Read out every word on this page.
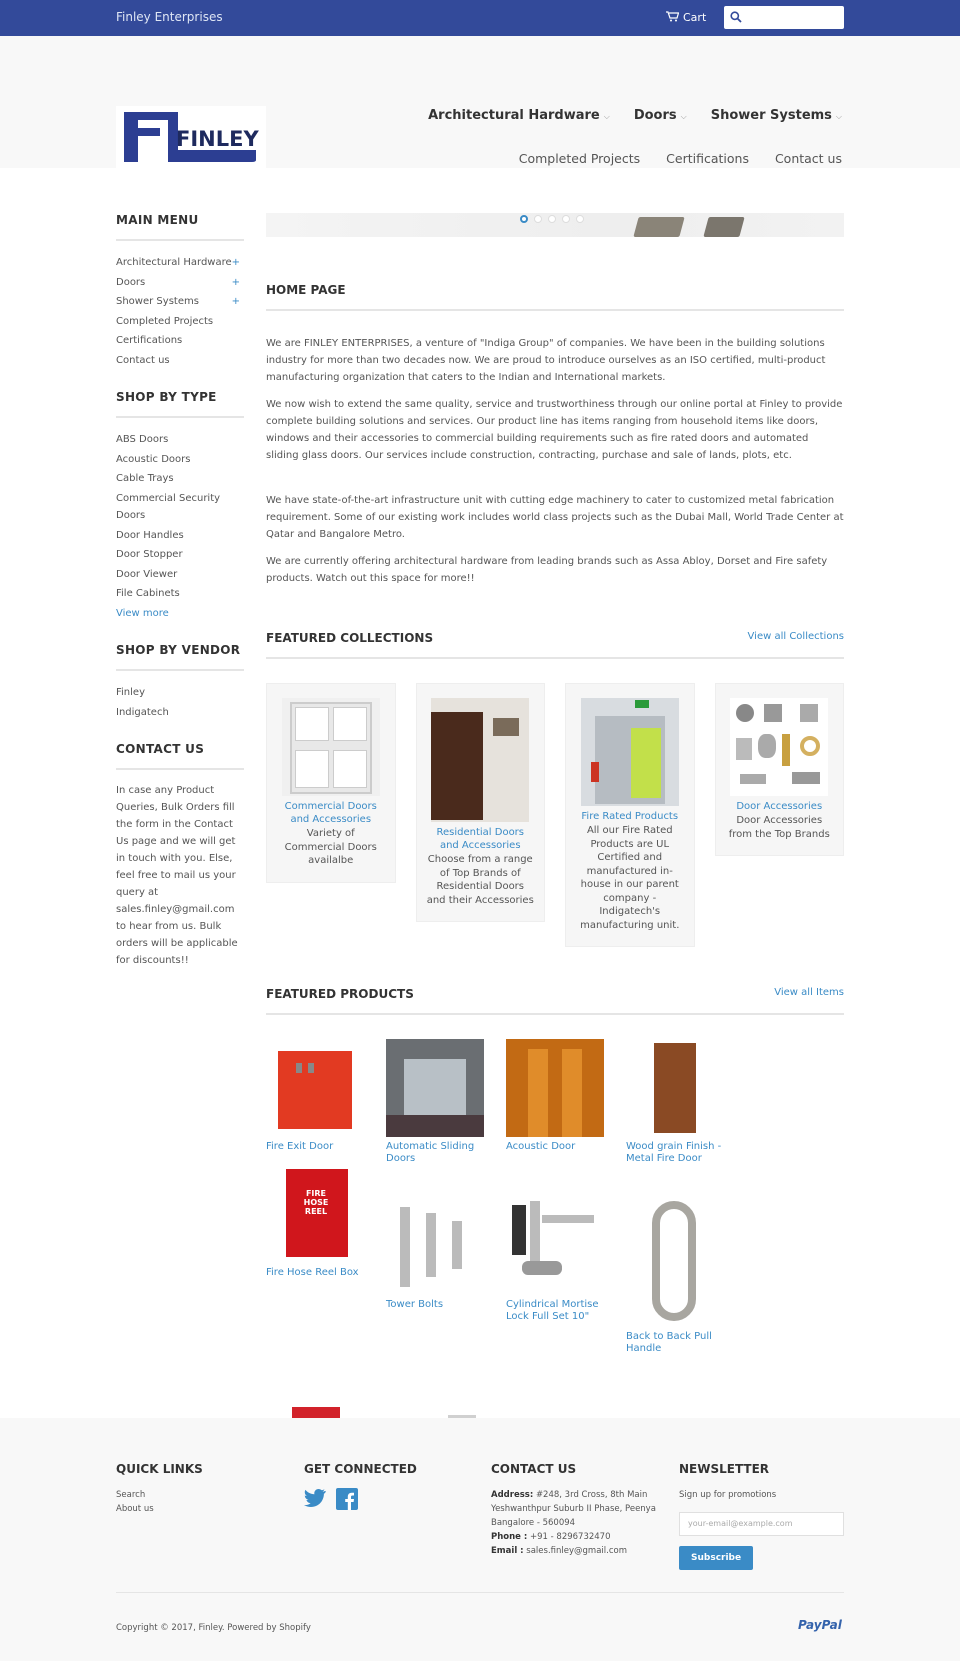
Finley Enterprises	Cart
FINLEY
Architectural Hardware ⌵ Doors ⌵ Shower Systems ⌵
Completed Projects Certifications Contact us
MAIN MENU
Architectural Hardware +
Doors	+
Shower Systems	+
Completed Projects
Certifications
Contact us
SHOP BY TYPE
ABS Doors
Acoustic Doors
Cable Trays
Commercial Security Doors
Door Handles
Door Stopper
Door Viewer
File Cabinets
View more
SHOP BY VENDOR
Finley
Indigatech
CONTACT US
In case any Product Queries, Bulk Orders fill the form in the Contact Us page and we will get in touch with you. Else, feel free to mail us your query at sales.finley@gmail.com to hear from us. Bulk orders will be applicable for discounts!!
HOME PAGE

We are FINLEY ENTERPRISES, a venture of "Indiga Group" of companies. We have been in the building solutions industry for more than two decades now. We are proud to introduce ourselves as an ISO certified, multi-product manufacturing organization that caters to the Indian and International markets.

We now wish to extend the same quality, service and trustworthiness through our online portal at Finley to provide complete building solutions and services. Our product line has items ranging from household items like doors, windows and their accessories to commercial building requirements such as fire rated doors and automated sliding glass doors. Our services include construction, contracting, purchase and sale of lands, plots, etc.

We have state-of-the-art infrastructure unit with cutting edge machinery to cater to customized metal fabrication requirement. Some of our existing work includes world class projects such as the Dubai Mall, World Trade Center at Qatar and Bangalore Metro.

We are currently offering architectural hardware from leading brands such as Assa Abloy, Dorset and Fire safety products. Watch out this space for more!!

FEATURED COLLECTIONS	View all Collections
Commercial Doors and Accessories
Variety of Commercial Doors availalbe
Residential Doors and Accessories
Choose from a range of Top Brands of Residential Doors and their Accessories
Fire Rated Products
All our Fire Rated Products are UL Certified and manufactured in-house in our parent company - Indigatech's manufacturing unit.
Door Accessories
Door Accessories from the Top Brands
FEATURED PRODUCTS	View all Items
Fire Exit Door	Automatic Sliding Doors
Acoustic Door	Wood grain Finish - Metal Fire Door
FIRE
HOSE
REEL
Fire Hose Reel Box
Tower Bolts	Cylindrical Mortise Lock Full Set 10"
Back to Back Pull Handle
QUICK LINKS
Search
About us
GET CONNECTED	CONTACT US
Address: #248, 3rd Cross, 8th Main Yeshwanthpur Suburb II Phase, Peenya Bangalore - 560094
Phone : +91 - 8296732470
Email : sales.finley@gmail.com
NEWSLETTER
Sign up for promotions
your-email@example.com
Subscribe
Copyright © 2017, Finley. Powered by Shopify	PayPal
